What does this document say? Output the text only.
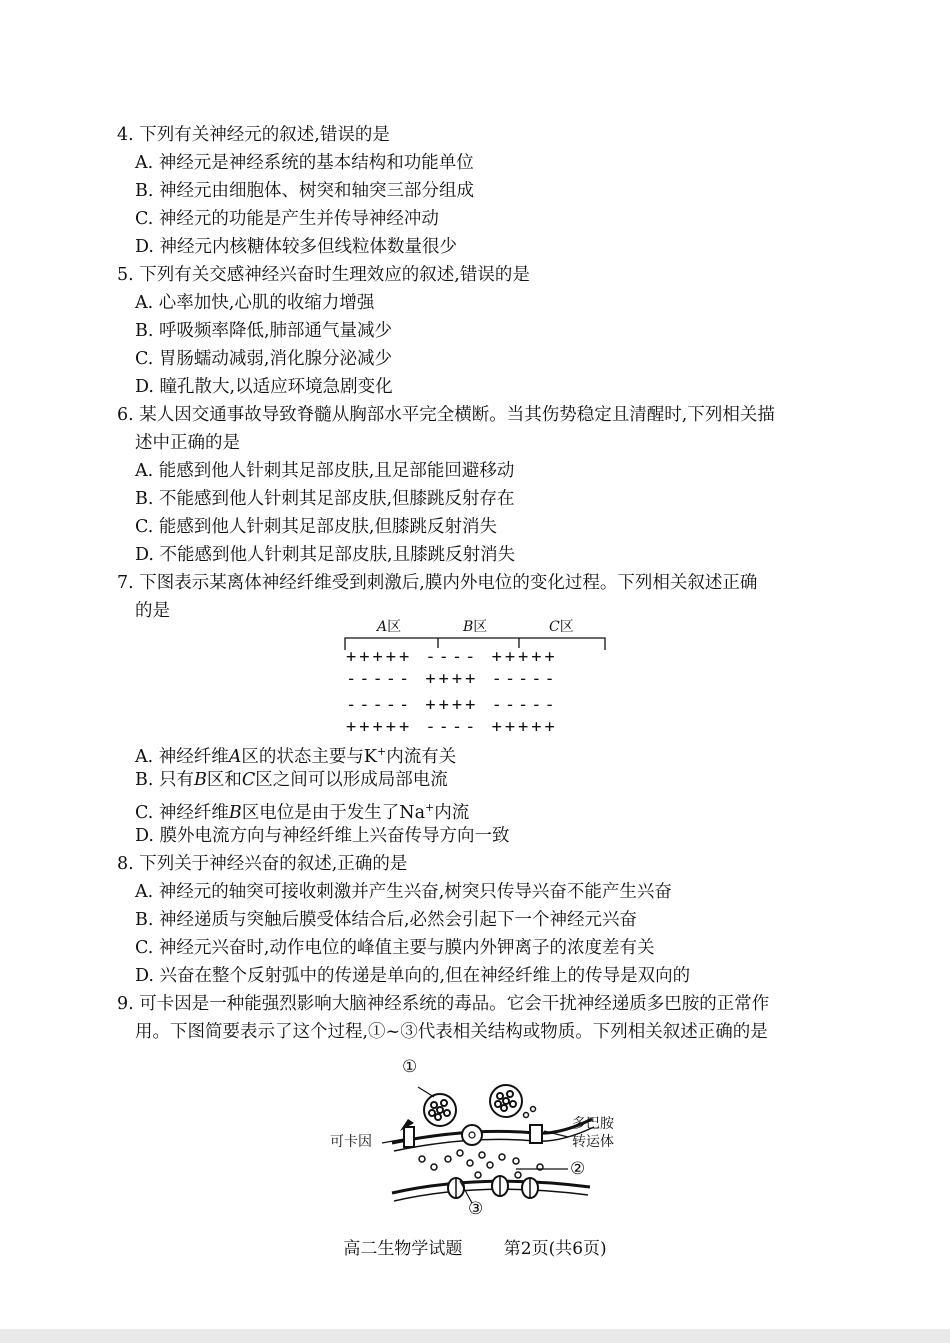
4. 下列有关神经元的叙述,错误的是
A. 神经元是神经系统的基本结构和功能单位
B. 神经元由细胞体、树突和轴突三部分组成
C. 神经元的功能是产生并传导神经冲动
D. 神经元内核糖体较多但线粒体数量很少
5. 下列有关交感神经兴奋时生理效应的叙述,错误的是
A. 心率加快,心肌的收缩力增强
B. 呼吸频率降低,肺部通气量减少
C. 胃肠蠕动减弱,消化腺分泌减少
D. 瞳孔散大,以适应环境急剧变化
6. 某人因交通事故导致脊髓从胸部水平完全横断。当其伤势稳定且清醒时,下列相关描
述中正确的是
A. 能感到他人针刺其足部皮肤,且足部能回避移动
B. 不能感到他人针刺其足部皮肤,但膝跳反射存在
C. 能感到他人针刺其足部皮肤,但膝跳反射消失
D. 不能感到他人针刺其足部皮肤,且膝跳反射消失
7. 下图表示某离体神经纤维受到刺激后,膜内外电位的变化过程。下列相关叙述正确
的是
A区	B区	C区
+++++ ---- +++++
----- ++++ -----
----- ++++ -----
+++++ ---- +++++
A. 神经纤维A区的状态主要与K+内流有关
B. 只有B区和C区之间可以形成局部电流
C. 神经纤维B区电位是由于发生了Na+内流
D. 膜外电流方向与神经纤维上兴奋传导方向一致
8. 下列关于神经兴奋的叙述,正确的是
A. 神经元的轴突可接收刺激并产生兴奋,树突只传导兴奋不能产生兴奋
B. 神经递质与突触后膜受体结合后,必然会引起下一个神经元兴奋
C. 神经元兴奋时,动作电位的峰值主要与膜内外钾离子的浓度差有关
D. 兴奋在整个反射弧中的传递是单向的,但在神经纤维上的传导是双向的
9. 可卡因是一种能强烈影响大脑神经系统的毒品。它会干扰神经递质多巴胺的正常作
用。下图简要表示了这个过程,①~③代表相关结构或物质。下列相关叙述正确的是
①
可卡因
多巴胺
转运体
②
③
高二生物学试题 第2页(共6页)
